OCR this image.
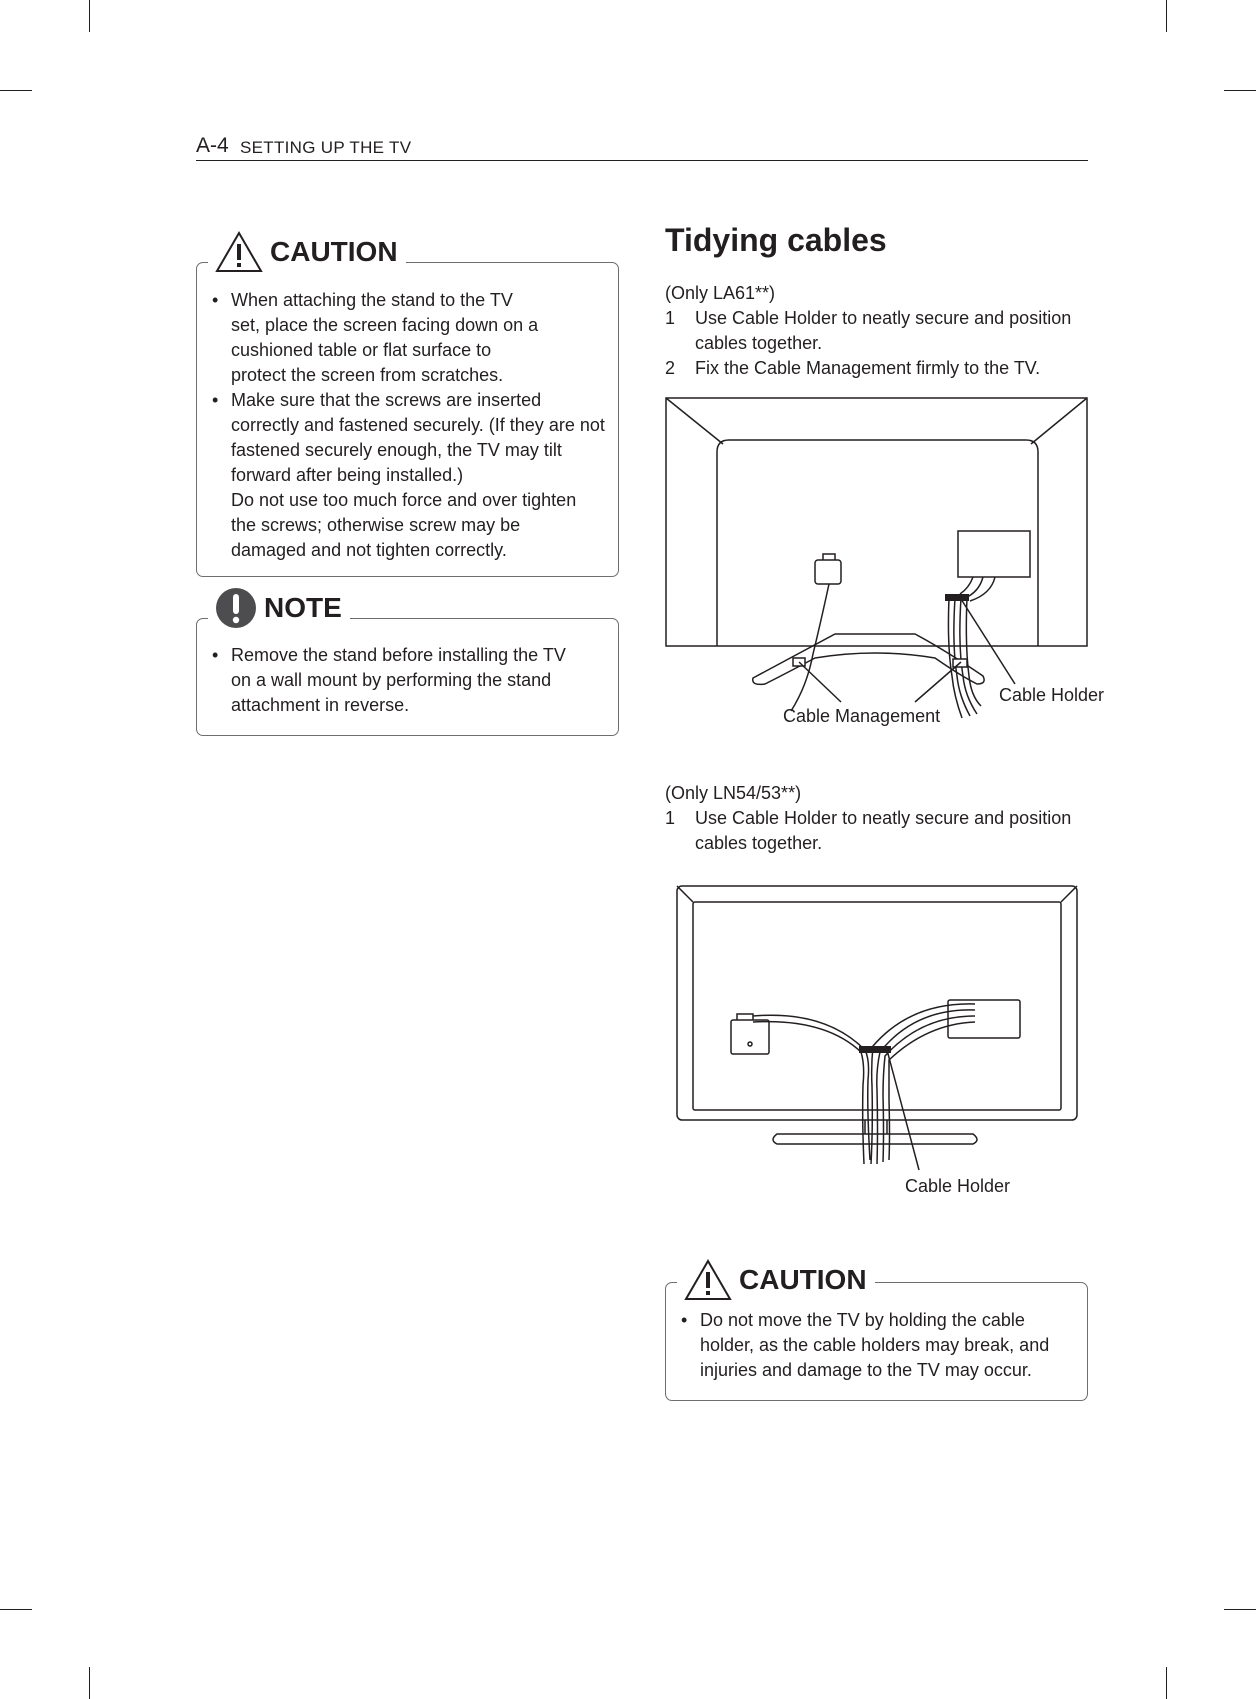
A-4 SETTING UP THE TV
CAUTION
• When attaching the stand to the TV set, place the screen facing down on a cushioned table or flat surface to protect the screen from scratches.
• Make sure that the screws are inserted correctly and fastened securely. (If they are not fastened securely enough, the TV may tilt forward after being installed.)
Do not use too much force and over tighten the screws; otherwise screw may be damaged and not tighten correctly.
NOTE
• Remove the stand before installing the TV on a wall mount by performing the stand attachment in reverse.
Tidying cables
(Only LA61**)
1 Use Cable Holder to neatly secure and position cables together.
2 Fix the Cable Management firmly to the TV.
Cable Holder
Cable Management
(Only LN54/53**)
1 Use Cable Holder to neatly secure and position cables together.
Cable Holder
CAUTION
• Do not move the TV by holding the cable holder, as the cable holders may break, and injuries and damage to the TV may occur.
